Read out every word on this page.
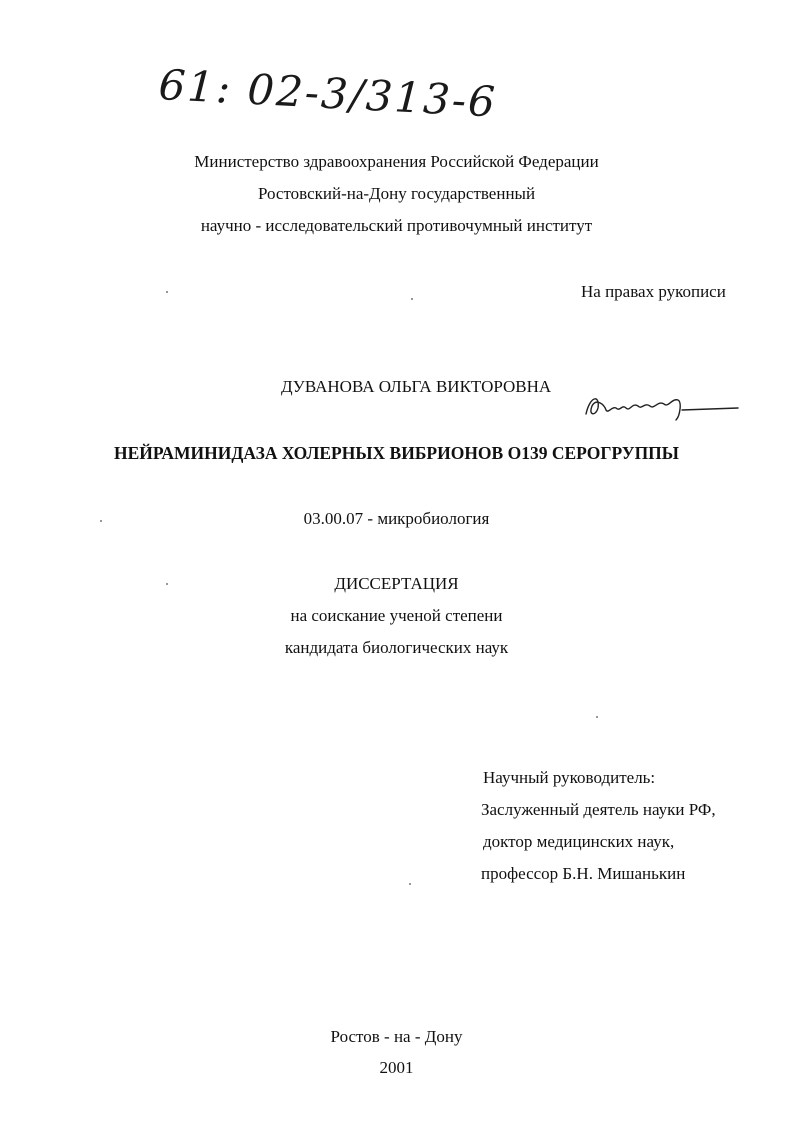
61: 02-3/313-6
Министерство здравоохранения Российской Федерации
Ростовский-на-Дону государственный
научно - исследовательский противочумный институт
На правах рукописи
ДУВАНОВА ОЛЬГА ВИКТОРОВНА
НЕЙРАМИНИДАЗА ХОЛЕРНЫХ ВИБРИОНОВ О139 СЕРОГРУППЫ
03.00.07 - микробиология
ДИССЕРТАЦИЯ
на соискание ученой степени
кандидата биологических наук
Научный руководитель:
Заслуженный деятель науки РФ,
доктор медицинских наук,
профессор Б.Н. Мишанькин
Ростов - на - Дону
2001
